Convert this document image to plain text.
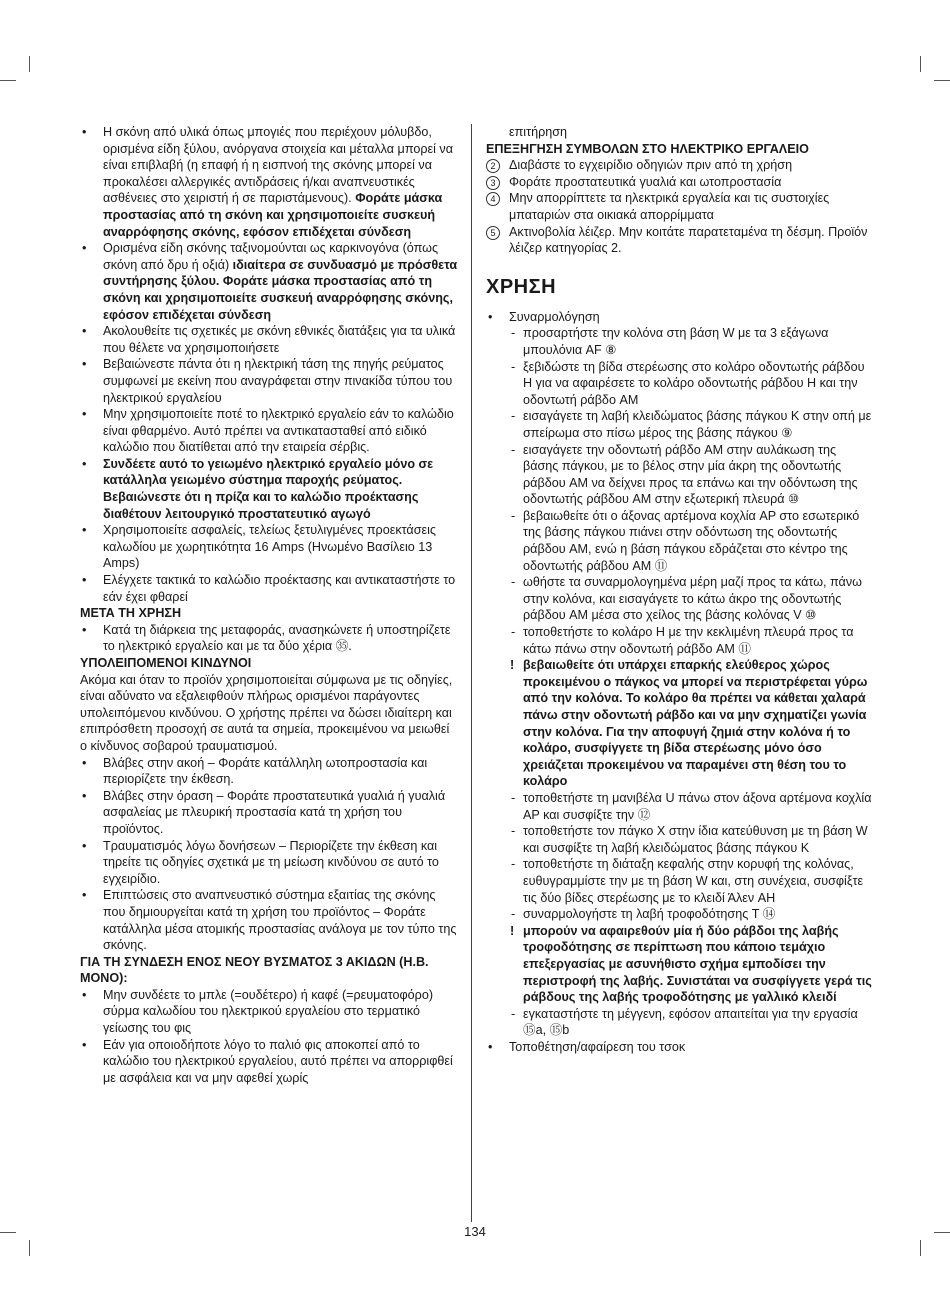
• Η σκόνη από υλικά όπως μπογιές που περιέχουν μόλυβδο, ορισμένα είδη ξύλου, ανόργανα στοιχεία και μέταλλα μπορεί να είναι επιβλαβή (η επαφή ή η εισπνοή της σκόνης μπορεί να προκαλέσει αλλεργικές αντιδράσεις ή/και αναπνευστικές ασθένειες στο χειριστή ή σε παριστάμενους). Φοράτε μάσκα προστασίας από τη σκόνη και χρησιμοποιείτε συσκευή αναρρόφησης σκόνης, εφόσον επιδέχεται σύνδεση
• Ορισμένα είδη σκόνης ταξινομούνται ως καρκινογόνα (όπως σκόνη από δρυ ή οξιά) ιδιαίτερα σε συνδυασμό με πρόσθετα συντήρησης ξύλου. Φοράτε μάσκα προστασίας από τη σκόνη και χρησιμοποιείτε συσκευή αναρρόφησης σκόνης, εφόσον επιδέχεται σύνδεση
• Ακολουθείτε τις σχετικές με σκόνη εθνικές διατάξεις για τα υλικά που θέλετε να χρησιμοποιήσετε
• Βεβαιώνεστε πάντα ότι η ηλεκτρική τάση της πηγής ρεύματος συμφωνεί με εκείνη που αναγράφεται στην πινακίδα τύπου του ηλεκτρικού εργαλείου
• Μην χρησιμοποιείτε ποτέ το ηλεκτρικό εργαλείο εάν το καλώδιο είναι φθαρμένο. Αυτό πρέπει να αντικατασταθεί από ειδικό καλώδιο που διατίθεται από την εταιρεία σέρβις.
• Συνδέετε αυτό το γειωμένο ηλεκτρικό εργαλείο μόνο σε κατάλληλα γειωμένο σύστημα παροχής ρεύματος. Βεβαιώνεστε ότι η πρίζα και το καλώδιο προέκτασης διαθέτουν λειτουργικό προστατευτικό αγωγό
• Χρησιμοποιείτε ασφαλείς, τελείως ξετυλιγμένες προεκτάσεις καλωδίου με χωρητικότητα 16 Amps (Ηνωμένο Βασίλειο 13 Amps)
• Ελέγχετε τακτικά το καλώδιο προέκτασης και αντικαταστήστε το εάν έχει φθαρεί

ΜΕΤΑ ΤΗ ΧΡΗΣΗ

• Κατά τη διάρκεια της μεταφοράς, ανασηκώνετε ή υποστηρίζετε το ηλεκτρικό εργαλείο και με τα δύο χέρια ㉟.

ΥΠΟΛΕΙΠΟΜΕΝΟΙ ΚΙΝΔΥΝΟΙ

Ακόμα και όταν το προϊόν χρησιμοποιείται σύμφωνα με τις οδηγίες, είναι αδύνατο να εξαλειφθούν πλήρως ορισμένοι παράγοντες υπολειπόμενου κινδύνου. Ο χρήστης πρέπει να δώσει ιδιαίτερη και επιπρόσθετη προσοχή σε αυτά τα σημεία, προκειμένου να μειωθεί ο κίνδυνος σοβαρού τραυματισμού.

• Βλάβες στην ακοή – Φοράτε κατάλληλη ωτοπροστασία και περιορίζετε την έκθεση.
• Βλάβες στην όραση – Φοράτε προστατευτικά γυαλιά ή γυαλιά ασφαλείας με πλευρική προστασία κατά τη χρήση του προϊόντος.
• Τραυματισμός λόγω δονήσεων – Περιορίζετε την έκθεση και τηρείτε τις οδηγίες σχετικά με τη μείωση κινδύνου σε αυτό το εγχειρίδιο.
• Επιπτώσεις στο αναπνευστικό σύστημα εξαιτίας της σκόνης που δημιουργείται κατά τη χρήση του προϊόντος – Φοράτε κατάλληλα μέσα ατομικής προστασίας ανάλογα με τον τύπο της σκόνης.

ΓΙΑ ΤΗ ΣΥΝΔΕΣΗ ΕΝΟΣ ΝΕΟΥ ΒΥΣΜΑΤΟΣ 3 ΑΚΙΔΩΝ (Η.Β. ΜΟΝΟ):

• Μην συνδέετε το μπλε (=ουδέτερο) ή καφέ (=ρευματοφόρο) σύρμα καλωδίου του ηλεκτρικού εργαλείου στο τερματικό γείωσης του φις
• Εάν για οποιοδήποτε λόγο το παλιό φις αποκοπεί από το καλώδιο του ηλεκτρικού εργαλείου, αυτό πρέπει να απορριφθεί με ασφάλεια και να μην αφεθεί χωρίς

επιτήρηση

ΕΠΕΞΗΓΗΣΗ ΣΥΜΒΟΛΩΝ ΣΤΟ ΗΛΕΚΤΡΙΚΟ ΕΡΓΑΛΕΙΟ

2	Διαβάστε το εγχειρίδιο οδηγιών πριν από τη χρήση
3	Φοράτε προστατευτικά γυαλιά και ωτοπροστασία
4	Μην απορρίπτετε τα ηλεκτρικά εργαλεία και τις συστοιχίες μπαταριών στα οικιακά απορρίμματα
5	Ακτινοβολία λέιζερ. Μην κοιτάτε παρατεταμένα τη δέσμη. Προϊόν λέιζερ κατηγορίας 2.
ΧΡΗΣΗ
• Συναρμολόγηση
- προσαρτήστε την κολόνα στη βάση W με τα 3 εξάγωνα μπουλόνια AF ⑧
- ξεβιδώστε τη βίδα στερέωσης στο κολάρο οδοντωτής ράβδου H για να αφαιρέσετε το κολάρο οδοντωτής ράβδου H και την οδοντωτή ράβδο AM
- εισαγάγετε τη λαβή κλειδώματος βάσης πάγκου K στην οπή με σπείρωμα στο πίσω μέρος της βάσης πάγκου ⑨
- εισαγάγετε την οδοντωτή ράβδο AM στην αυλάκωση της βάσης πάγκου, με το βέλος στην μία άκρη της οδοντωτής ράβδου AM να δείχνει προς τα επάνω και την οδόντωση της οδοντωτής ράβδου AM στην εξωτερική πλευρά ⑩
- βεβαιωθείτε ότι ο άξονας αρτέμονα κοχλία AP στο εσωτερικό της βάσης πάγκου πιάνει στην οδόντωση της οδοντωτής ράβδου AM, ενώ η βάση πάγκου εδράζεται στο κέντρο της οδοντωτής ράβδου AM ⑪
- ωθήστε τα συναρμολογημένα μέρη μαζί προς τα κάτω, πάνω στην κολόνα, και εισαγάγετε το κάτω άκρο της οδοντωτής ράβδου AM μέσα στο χείλος της βάσης κολόνας V ⑩
- τοποθετήστε το κολάρο H με την κεκλιμένη πλευρά προς τα κάτω πάνω στην οδοντωτή ράβδο AM ⑪
! βεβαιωθείτε ότι υπάρχει επαρκής ελεύθερος χώρος προκειμένου ο πάγκος να μπορεί να περιστρέφεται γύρω από την κολόνα. Το κολάρο θα πρέπει να κάθεται χαλαρά πάνω στην οδοντωτή ράβδο και να μην σχηματίζει γωνία στην κολόνα. Για την αποφυγή ζημιά στην κολόνα ή το κολάρο, συσφίγγετε τη βίδα στερέωσης μόνο όσο χρειάζεται προκειμένου να παραμένει στη θέση του το κολάρο
- τοποθετήστε τη μανιβέλα U πάνω στον άξονα αρτέμονα κοχλία AP και συσφίξτε την ⑫
- τοποθετήστε τον πάγκο X στην ίδια κατεύθυνση με τη βάση W και συσφίξτε τη λαβή κλειδώματος βάσης πάγκου K
- τοποθετήστε τη διάταξη κεφαλής στην κορυφή της κολόνας, ευθυγραμμίστε την με τη βάση W και, στη συνέχεια, συσφίξτε τις δύο βίδες στερέωσης με το κλειδί Άλεν AH
- συναρμολογήστε τη λαβή τροφοδότησης T ⑭
! μπορούν να αφαιρεθούν μία ή δύο ράβδοι της λαβής τροφοδότησης σε περίπτωση που κάποιο τεμάχιο επεξεργασίας με ασυνήθιστο σχήμα εμποδίσει την περιστροφή της λαβής. Συνιστάται να συσφίγγετε γερά τις ράβδους της λαβής τροφοδότησης με γαλλικό κλειδί
- εγκαταστήστε τη μέγγενη, εφόσον απαιτείται για την εργασία ⑮a, ⑮b
• Τοποθέτηση/αφαίρεση του τσοκ
134
